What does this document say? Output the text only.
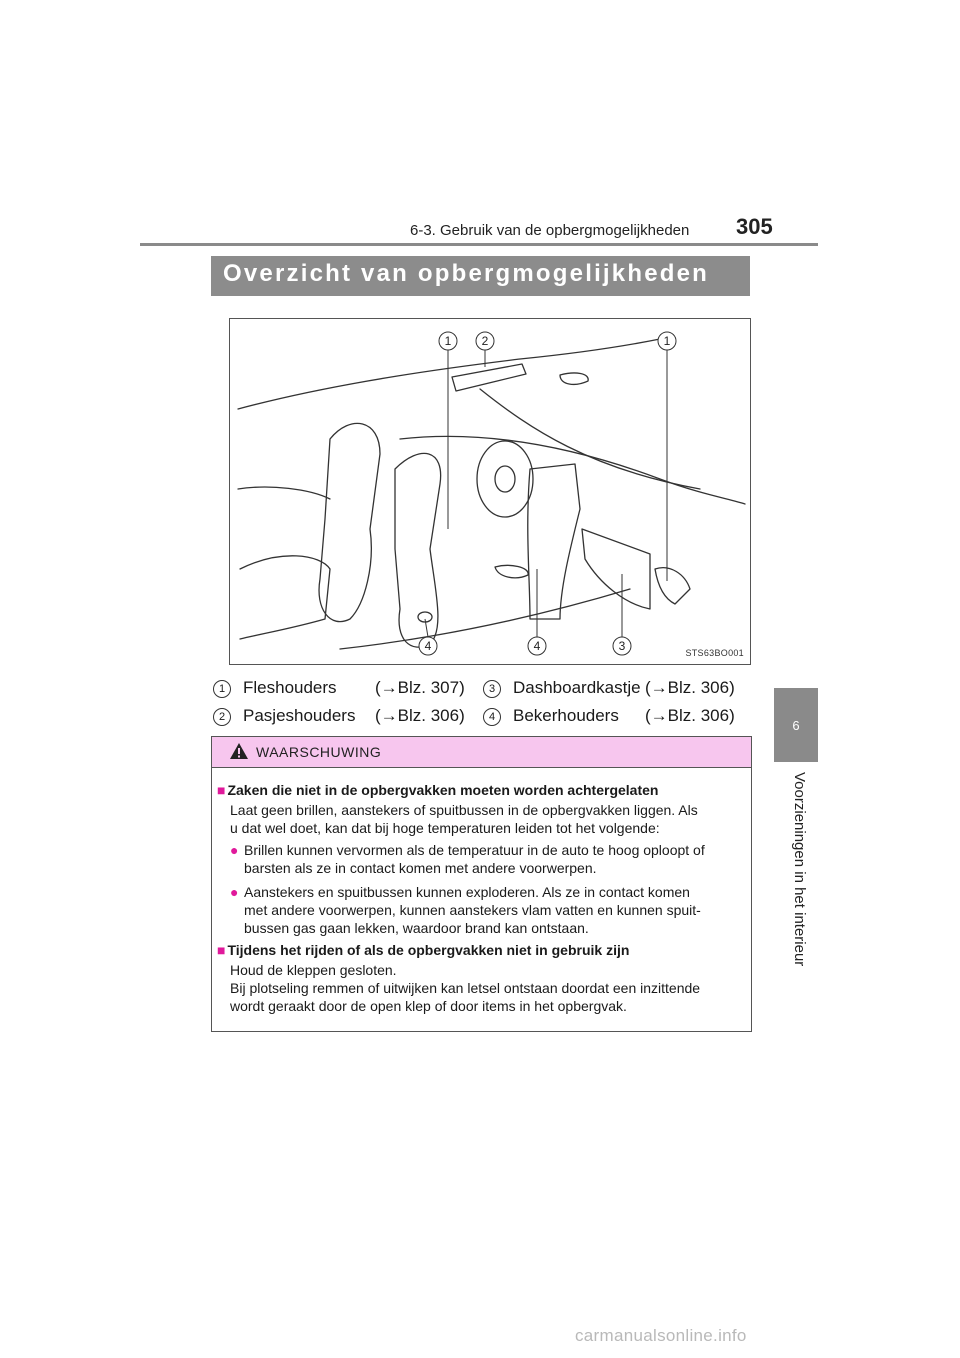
6-3. Gebruik van de opbergmogelijkheden 305
6
Voorzieningen in het interieur
Overzicht van opbergmogelijkheden
1	2	1
4	4	3	STS63BO001
1	Fleshouders (→Blz. 307)
2	Pasjeshouders (→Blz. 306)
3	Dashboardkastje (→Blz. 306)
4	Bekerhouders (→Blz. 306)
WAARSCHUWING
■ Zaken die niet in de opbergvakken moeten worden achtergelaten
Laat geen brillen, aanstekers of spuitbussen in de opbergvakken liggen. Als
u dat wel doet, kan dat bij hoge temperaturen leiden tot het volgende:
● Brillen kunnen vervormen als de temperatuur in de auto te hoog oploopt of
barsten als ze in contact komen met andere voorwerpen.
● Aanstekers en spuitbussen kunnen exploderen. Als ze in contact komen
met andere voorwerpen, kunnen aanstekers vlam vatten en kunnen spuit-
bussen gas gaan lekken, waardoor brand kan ontstaan.
■ Tijdens het rijden of als de opbergvakken niet in gebruik zijn
Houd de kleppen gesloten.
Bij plotseling remmen of uitwijken kan letsel ontstaan doordat een inzittende
wordt geraakt door de open klep of door items in het opbergvak.
carmanualsonline.info
